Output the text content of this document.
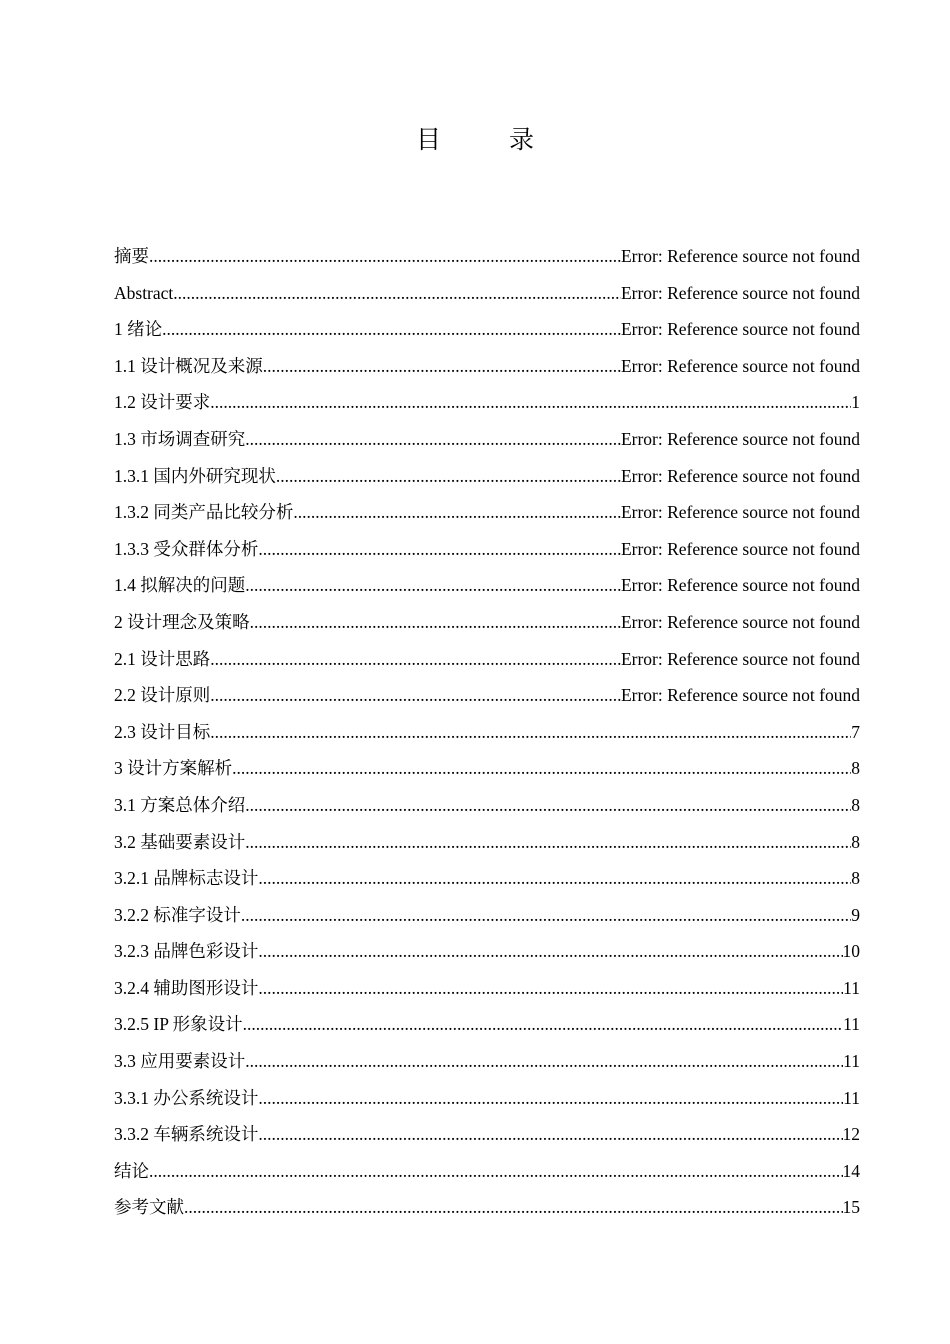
目 录
摘要 .....	Error: Reference source not found
Abstract .....	Error: Reference source not found
1 绪论 .....	Error: Reference source not found
1.1 设计概况及来源 .....	Error: Reference source not found
1.2 设计要求 .....	1
1.3 市场调查研究 .....	Error: Reference source not found
1.3.1 国内外研究现状 .....	Error: Reference source not found
1.3.2 同类产品比较分析 .....	Error: Reference source not found
1.3.3 受众群体分析 .....	Error: Reference source not found
1.4 拟解决的问题 .....	Error: Reference source not found
2 设计理念及策略 .....	Error: Reference source not found
2.1 设计思路 .....	Error: Reference source not found
2.2 设计原则 .....	Error: Reference source not found
2.3 设计目标 .....	7
3 设计方案解析 .....	8
3.1 方案总体介绍 .....	8
3.2 基础要素设计 .....	8
3.2.1 品牌标志设计 .....	8
3.2.2 标准字设计 .....	9
3.2.3 品牌色彩设计 .....	10
3.2.4 辅助图形设计 .....	11
3.2.5 IP 形象设计 .....	11
3.3 应用要素设计 .....	11
3.3.1 办公系统设计 .....	11
3.3.2 车辆系统设计 .....	12
结论 .....	14
参考文献 .....	15
